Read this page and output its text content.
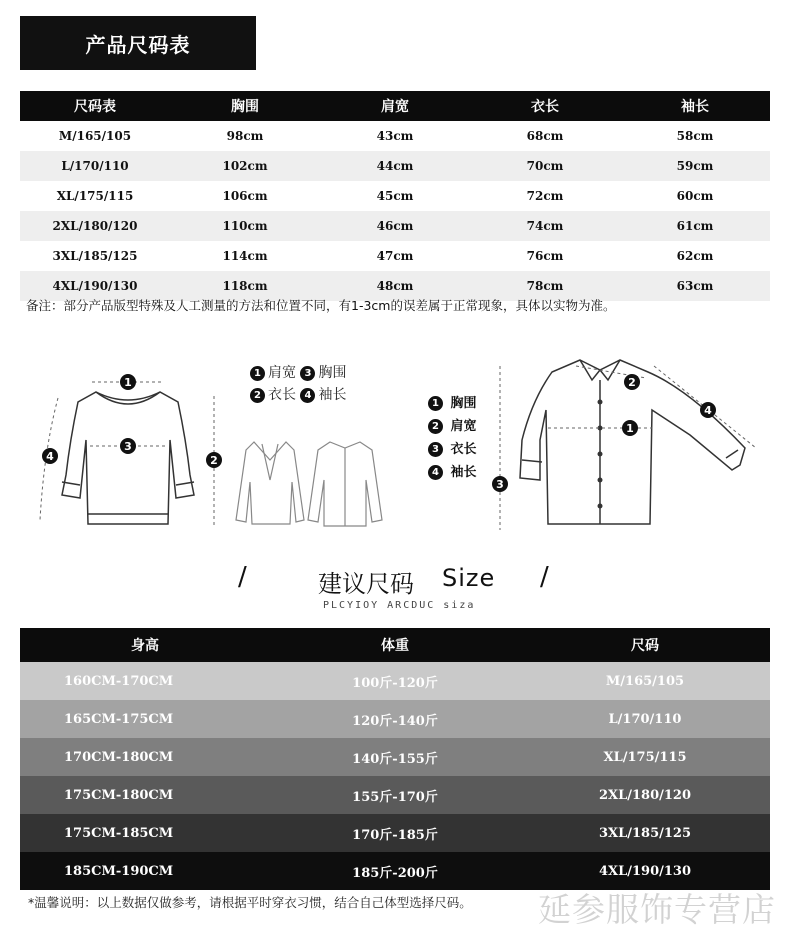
产品尺码表
尺码表	胸围	肩宽	衣长	袖长
M/165/105	98cm	43cm	68cm	58cm
L/170/110	102cm	44cm	70cm	59cm
XL/175/115	106cm	45cm	72cm	60cm
2XL/180/120	110cm	46cm	74cm	61cm
3XL/185/125	114cm	47cm	76cm	62cm
4XL/190/130	118cm	48cm	78cm	63cm
备注：部分产品版型特殊及人工测量的方法和位置不同，有1-3cm的误差属于正常现象，具体以实物为准。
1
2
3
4
1
2
3
4
1 肩宽 3 胸围
2 衣长 4 袖长
1 胸围
2 肩宽
3 衣长
4 袖长
/	建议尺码 Size /
PLCYIOY ARCDUC siza
身高	体重	尺码
160CM-170CM	100斤-120斤	M/165/105
165CM-175CM	120斤-140斤	L/170/110
170CM-180CM	140斤-155斤	XL/175/115
175CM-180CM	155斤-170斤	2XL/180/120
175CM-185CM	170斤-185斤	3XL/185/125
185CM-190CM	185斤-200斤	4XL/190/130
*温馨说明：以上数据仅做参考，请根据平时穿衣习惯，结合自己体型选择尺码。 延参服饰专营店
